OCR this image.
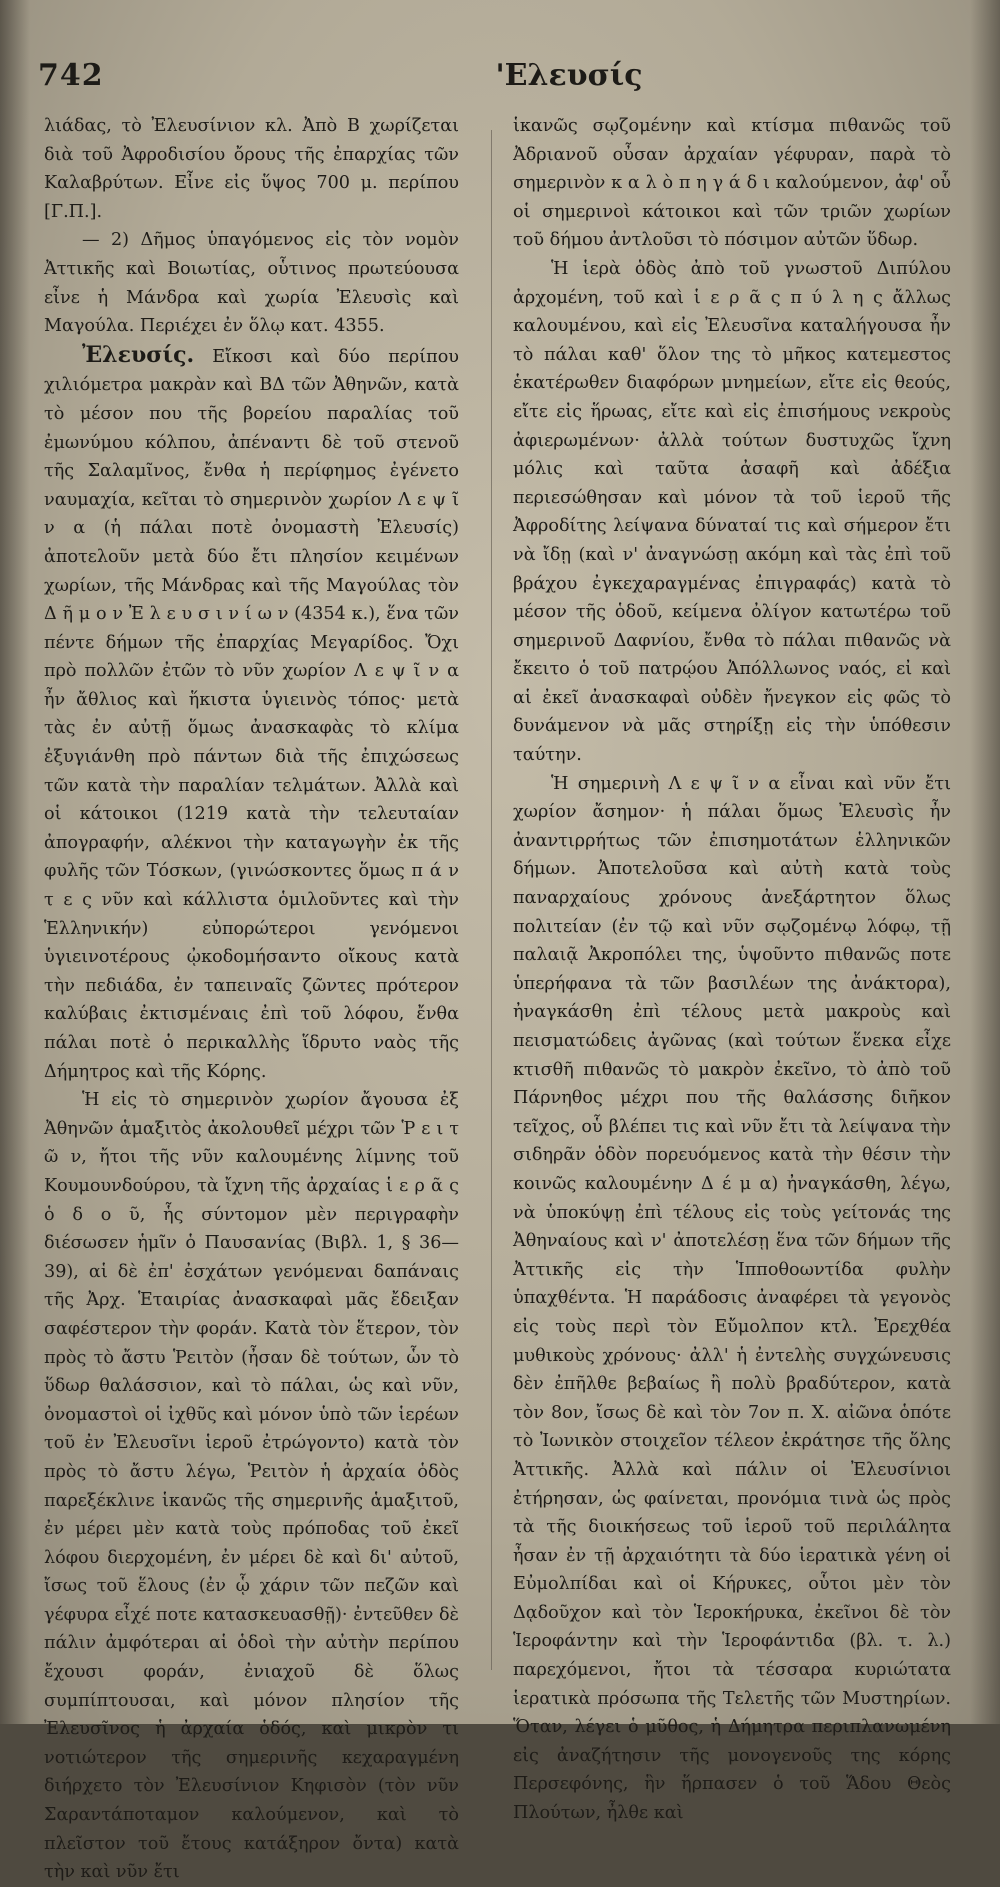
742	'Ελευσίς

λιάδας, τὸ Ἐλευσίνιον κλ. Ἀπὸ Β χωρίζεται διὰ τοῦ Ἀφροδισίου ὄρους τῆς ἐπαρχίας τῶν Καλαβρύτων. Εἶνε εἰς ὕψος 700 μ. περίπου [Γ.Π.].

— 2) Δῆμος ὑπαγόμενος εἰς τὸν νομὸν Ἀττικῆς καὶ Βοιωτίας, οὗτινος πρωτεύουσα εἶνε ἡ Μάνδρα καὶ χωρία Ἐλευσὶς καὶ Μαγούλα. Περιέχει ἐν ὅλῳ κατ. 4355.

Ἐλευσίς. Εἴκοσι καὶ δύο περίπου χιλιόμετρα μακρὰν καὶ ΒΔ τῶν Ἀθηνῶν, κατὰ τὸ μέσον που τῆς βορείου παραλίας τοῦ ἐμωνύμου κόλπου, ἀπέναντι δὲ τοῦ στενοῦ τῆς Σαλαμῖνος, ἔνθα ἡ περίφημος ἐγένετο ναυμαχία, κεῖται τὸ σημερινὸν χωρίον Λ ε ψ ῖ ν α (ἡ πάλαι ποτὲ ὀνομαστὴ Ἐλευσίς) ἀποτελοῦν μετὰ δύο ἔτι πλησίον κειμένων χωρίων, τῆς Μάνδρας καὶ τῆς Μαγούλας τὸν Δ ῆ μ ο ν Ἐ λ ε υ σ ι ν ί ω ν (4354 κ.), ἕνα τῶν πέντε δήμων τῆς ἐπαρχίας Μεγαρίδος. Ὄχι πρὸ πολλῶν ἐτῶν τὸ νῦν χωρίον Λ ε ψ ῖ ν α ἦν ἄθλιος καὶ ἥκιστα ὑγιεινὸς τόπος· μετὰ τὰς ἐν αὐτῇ ὅμως ἀνασκαφὰς τὸ κλίμα ἐξυγιάνθη πρὸ πάντων διὰ τῆς ἐπιχώσεως τῶν κατὰ τὴν παραλίαν τελμάτων. Ἀλλὰ καὶ οἱ κάτοικοι (1219 κατὰ τὴν τελευταίαν ἀπογραφήν, αλέκνοι τὴν καταγωγὴν ἐκ τῆς φυλῆς τῶν Τόσκων, (γινώσκοντες ὅμως π ά ν τ ε ς νῦν καὶ κάλλιστα ὁμιλοῦντες καὶ τὴν Ἑλληνικήν) εὐπορώτεροι γενόμενοι ὑγιεινοτέρους ᾠκοδομήσαντο οἴκους κατὰ τὴν πεδιάδα, ἐν ταπειναῖς ζῶντες πρότερον καλύβαις ἐκτισμέναις ἐπὶ τοῦ λόφου, ἔνθα πάλαι ποτὲ ὁ περικαλλὴς ἵδρυτο ναὸς τῆς Δήμητρος καὶ τῆς Κόρης.

Ἡ εἰς τὸ σημερινὸν χωρίον ἄγουσα ἐξ Ἀθηνῶν ἁμαξιτὸς ἀκολουθεῖ μέχρι τῶν Ῥ ε ι τ ῶ ν, ἤτοι τῆς νῦν καλουμένης λίμνης τοῦ Κουμουνδούρου, τὰ ἴχνη τῆς ἀρχαίας ἱ ε ρ ᾶ ς ὁ δ ο ῦ, ἧς σύντομον μὲν περιγραφὴν διέσωσεν ἡμῖν ὁ Παυσανίας (Βιβλ. 1, § 36—39), αἱ δὲ ἐπ' ἐσχάτων γενόμεναι δαπάναις τῆς Ἀρχ. Ἑταιρίας ἀνασκαφαὶ μᾶς ἔδειξαν σαφέστερον τὴν φοράν. Κατὰ τὸν ἕτερον, τὸν πρὸς τὸ ἄστυ Ῥειτὸν (ἦσαν δὲ τούτων, ὧν τὸ ὕδωρ θαλάσσιον, καὶ τὸ πάλαι, ὡς καὶ νῦν, ὀνομαστοὶ οἱ ἰχθῦς καὶ μόνον ὑπὸ τῶν ἱερέων τοῦ ἐν Ἐλευσῖνι ἱεροῦ ἐτρώγοντο) κατὰ τὸν πρὸς τὸ ἄστυ λέγω, Ῥειτὸν ἡ ἀρχαία ὁδὸς παρεξέκλινε ἱκανῶς τῆς σημερινῆς ἁμαξιτοῦ, ἐν μέρει μὲν κατὰ τοὺς πρόποδας τοῦ ἐκεῖ λόφου διερχομένη, ἐν μέρει δὲ καὶ δι' αὐτοῦ, ἴσως τοῦ ἕλους (ἐν ᾧ χάριν τῶν πεζῶν καὶ γέφυρα εἶχέ ποτε κατασκευασθῇ)· ἐντεῦθεν δὲ πάλιν ἀμφότεραι αἱ ὁδοὶ τὴν αὐτὴν περίπου ἔχουσι φοράν, ἐνιαχοῦ δὲ ὅλως συμπίπτουσαι, καὶ μόνον πλησίον τῆς Ἐλευσῖνος ἡ ἀρχαία ὁδός, καὶ μικρὸν τι νοτιώτερον τῆς σημερινῆς κεχαραγμένη διήρχετο τὸν Ἐλευσίνιον Κηφισὸν (τὸν νῦν Σαραντάποταμον καλούμενον, καὶ τὸ πλεῖστον τοῦ ἔτους κατάξηρον ὄντα) κατὰ τὴν καὶ νῦν ἔτι

ἱκανῶς σῳζομένην καὶ κτίσμα πιθανῶς τοῦ Ἀδριανοῦ οὖσαν ἀρχαίαν γέφυραν, παρὰ τὸ σημερινὸν κ α λ ὸ π η γ ά δ ι καλούμενον, ἀφ' οὗ οἱ σημερινοὶ κάτοικοι καὶ τῶν τριῶν χωρίων τοῦ δήμου ἀντλοῦσι τὸ πόσιμον αὐτῶν ὕδωρ.

Ἡ ἱερὰ ὁδὸς ἀπὸ τοῦ γνωστοῦ Διπύλου ἀρχομένη, τοῦ καὶ ἱ ε ρ ᾶ ς π ύ λ η ς ἄλλως καλουμένου, καὶ εἰς Ἐλευσῖνα καταλήγουσα ἦν τὸ πάλαι καθ' ὅλον της τὸ μῆκος κατεμεστος ἑκατέρωθεν διαφόρων μνημείων, εἴτε εἰς θεούς, εἴτε εἰς ἥρωας, εἴτε καὶ εἰς ἐπισήμους νεκροὺς ἀφιερωμένων· ἀλλὰ τούτων δυστυχῶς ἴχνη μόλις καὶ ταῦτα ἀσαφῆ καὶ ἀδέξια περιεσώθησαν καὶ μόνον τὰ τοῦ ἱεροῦ τῆς Ἀφροδίτης λείψανα δύναταί τις καὶ σήμερον ἔτι νὰ ἴδῃ (καὶ ν' ἀναγνώσῃ ακόμη καὶ τὰς ἐπὶ τοῦ βράχου ἐγκεχαραγμένας ἐπιγραφάς) κατὰ τὸ μέσον τῆς ὁδοῦ, κείμενα ὀλίγον κατωτέρω τοῦ σημερινοῦ Δαφνίου, ἔνθα τὸ πάλαι πιθανῶς νὰ ἔκειτο ὁ τοῦ πατρῴου Ἀπόλλωνος ναός, εἰ καὶ αἱ ἐκεῖ ἀνασκαφαὶ οὐδὲν ἤνεγκον εἰς φῶς τὸ δυνάμενον νὰ μᾶς στηρίξῃ εἰς τὴν ὑπόθεσιν ταύτην.

Ἡ σημερινὴ Λ ε ψ ῖ ν α εἶναι καὶ νῦν ἔτι χωρίον ἄσημον· ἡ πάλαι ὅμως Ἐλευσὶς ἦν ἀναντιρρήτως τῶν ἐπισημοτάτων ἑλληνικῶν δήμων. Ἀποτελοῦσα καὶ αὐτὴ κατὰ τοὺς παναρχαίους χρόνους ἀνεξάρτητον ὅλως πολιτείαν (ἐν τῷ καὶ νῦν σῳζομένῳ λόφῳ, τῇ παλαιᾷ Ἀκροπόλει της, ὑψοῦντο πιθανῶς ποτε ὑπερήφανα τὰ τῶν βασιλέων της ἀνάκτορα), ἠναγκάσθη ἐπὶ τέλους μετὰ μακροὺς καὶ πεισματώδεις ἀγῶνας (καὶ τούτων ἕνεκα εἶχε κτισθῆ πιθανῶς τὸ μακρὸν ἐκεῖνο, τὸ ἀπὸ τοῦ Πάρνηθος μέχρι που τῆς θαλάσσης διῆκον τεῖχος, οὗ βλέπει τις καὶ νῦν ἔτι τὰ λείψανα τὴν σιδηρᾶν ὁδὸν πορευόμενος κατὰ τὴν θέσιν τὴν κοινῶς καλουμένην Δ έ μ α) ἠναγκάσθη, λέγω, νὰ ὑποκύψῃ ἐπὶ τέλους εἰς τοὺς γείτονάς της Ἀθηναίους καὶ ν' ἀποτελέσῃ ἕνα τῶν δήμων τῆς Ἀττικῆς εἰς τὴν Ἱπποθοωντίδα φυλὴν ὑπαχθέντα. Ἡ παράδοσις ἀναφέρει τὰ γεγονὸς εἰς τοὺς περὶ τὸν Εὔμολπον κτλ. Ἐρεχθέα μυθικοὺς χρόνους· ἀλλ' ἡ ἐντελὴς συγχώνευσις δὲν ἐπῆλθε βεβαίως ἢ πολὺ βραδύτερον, κατὰ τὸν 8ον, ἴσως δὲ καὶ τὸν 7ον π. Χ. αἰῶνα ὁπότε τὸ Ἰωνικὸν στοιχεῖον τέλεον ἐκράτησε τῆς ὅλης Ἀττικῆς. Ἀλλὰ καὶ πάλιν οἱ Ἐλευσίνιοι ἐτήρησαν, ὡς φαίνεται, προνόμια τινὰ ὡς πρὸς τὰ τῆς διοικήσεως τοῦ ἱεροῦ τοῦ περιλάλητα ἦσαν ἐν τῇ ἀρχαιότητι τὰ δύο ἱερατικὰ γένη οἱ Εὐμολπίδαι καὶ οἱ Κήρυκες, οὗτοι μὲν τὸν Δᾳδοῦχον καὶ τὸν Ἱεροκήρυκα, ἐκεῖνοι δὲ τὸν Ἱεροφάντην καὶ τὴν Ἱεροφάντιδα (βλ. τ. λ.) παρεχόμενοι, ἤτοι τὰ τέσσαρα κυριώτατα ἱερατικὰ πρόσωπα τῆς Τελετῆς τῶν Μυστηρίων. Ὅταν, λέγει ὁ μῦθος, ἡ Δήμητρα περιπλανωμένη εἰς ἀναζήτησιν τῆς μονογενοῦς της κόρης Περσεφόνης, ἣν ἥρπασεν ὁ τοῦ Ἅδου Θεὸς Πλούτων, ἦλθε καὶ
